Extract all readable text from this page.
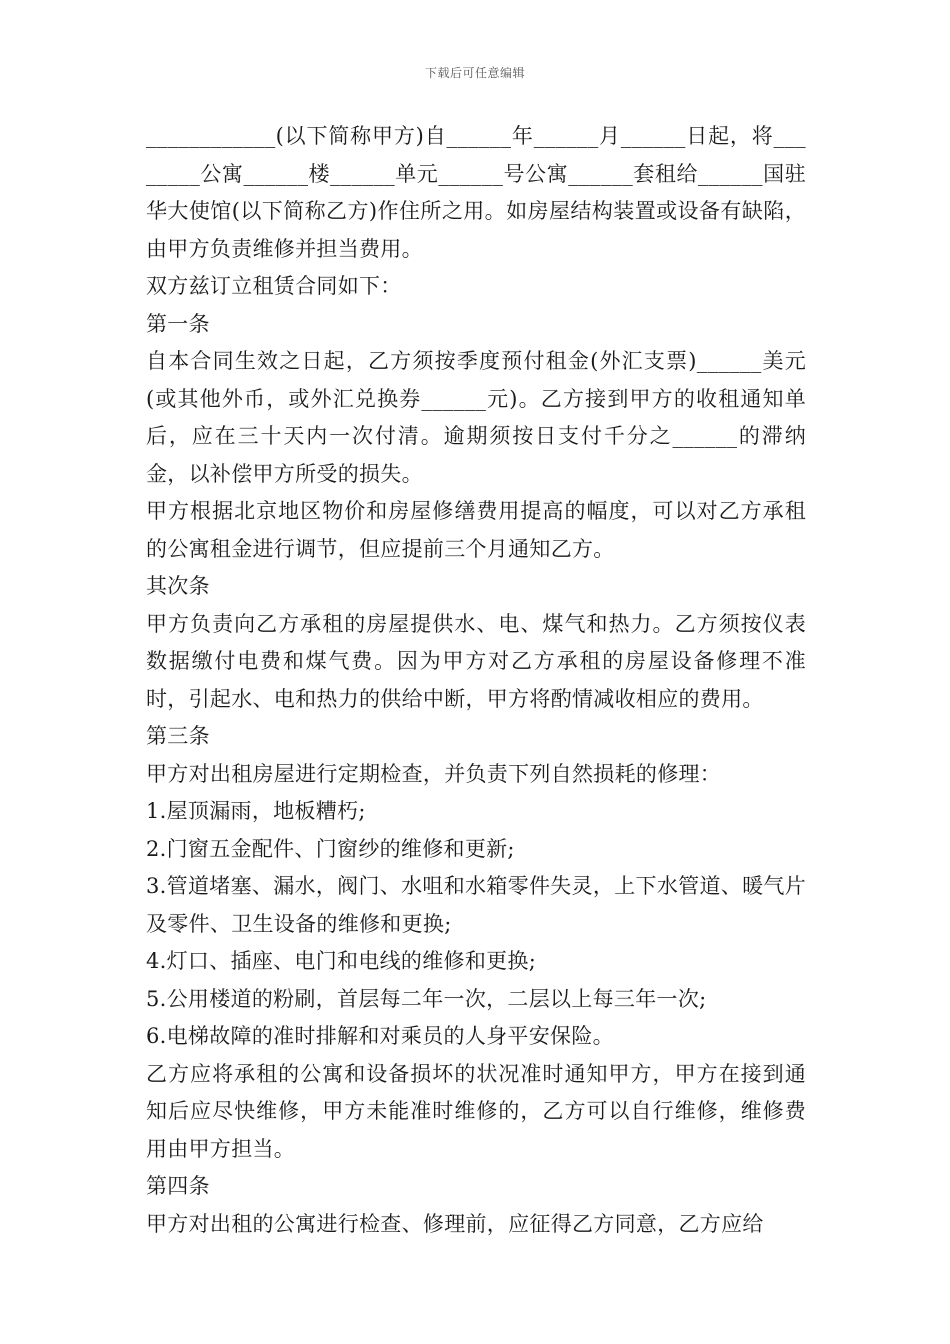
下载后可任意编辑

____________(以下简称甲方)自______年______月______日起，将________公寓______楼______单元______号公寓______套租给______国驻华大使馆(以下简称乙方)作住所之用。如房屋结构装置或设备有缺陷，由甲方负责维修并担当费用。

双方兹订立租赁合同如下：

第一条

自本合同生效之日起，乙方须按季度预付租金(外汇支票)______美元(或其他外币，或外汇兑换券______元)。乙方接到甲方的收租通知单后，应在三十天内一次付清。逾期须按日支付千分之______的滞纳金，以补偿甲方所受的损失。

甲方根据北京地区物价和房屋修缮费用提高的幅度，可以对乙方承租的公寓租金进行调节，但应提前三个月通知乙方。

其次条

甲方负责向乙方承租的房屋提供水、电、煤气和热力。乙方须按仪表数据缴付电费和煤气费。因为甲方对乙方承租的房屋设备修理不准时，引起水、电和热力的供给中断，甲方将酌情减收相应的费用。

第三条

甲方对出租房屋进行定期检查，并负责下列自然损耗的修理：

1.屋顶漏雨，地板糟朽;

2.门窗五金配件、门窗纱的维修和更新;

3.管道堵塞、漏水，阀门、水咀和水箱零件失灵，上下水管道、暖气片及零件、卫生设备的维修和更换;

4.灯口、插座、电门和电线的维修和更换;

5.公用楼道的粉刷，首层每二年一次，二层以上每三年一次;

6.电梯故障的准时排解和对乘员的人身平安保险。

乙方应将承租的公寓和设备损坏的状况准时通知甲方，甲方在接到通知后应尽快维修，甲方未能准时维修的，乙方可以自行维修，维修费用由甲方担当。

第四条

甲方对出租的公寓进行检查、修理前，应征得乙方同意，乙方应给
